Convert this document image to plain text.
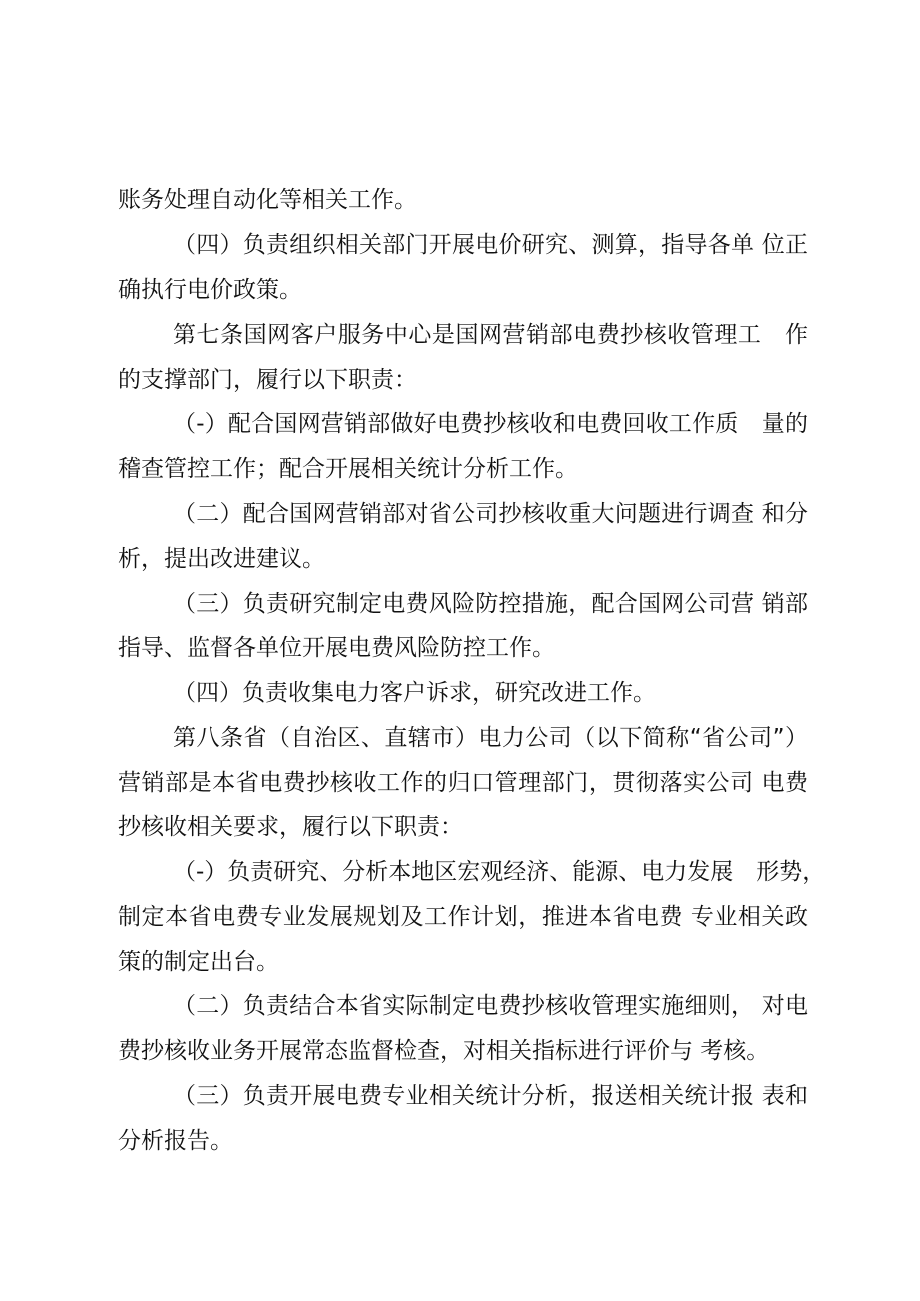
账务处理自动化等相关工作。
（四）负责组织相关部门开展电价研究、测算，指导各单 位正
确执行电价政策。
第七条国网客户服务中心是国网营销部电费抄核收管理工　作
的支撑部门，履行以下职责：
（-）配合国网营销部做好电费抄核收和电费回收工作质　量的
稽查管控工作；配合开展相关统计分析工作。
（二）配合国网营销部对省公司抄核收重大问题进行调查 和分
析，提出改进建议。
（三）负责研究制定电费风险防控措施，配合国网公司营 销部
指导、监督各单位开展电费风险防控工作。
（四）负责收集电力客户诉求，研究改进工作。
第八条省（自治区、直辖市）电力公司（以下简称“省公司”）
营销部是本省电费抄核收工作的归口管理部门，贯彻落实公司 电费
抄核收相关要求，履行以下职责：
（-）负责研究、分析本地区宏观经济、能源、电力发展　形势，
制定本省电费专业发展规划及工作计划，推进本省电费 专业相关政
策的制定出台。
（二）负责结合本省实际制定电费抄核收管理实施细则， 对电
费抄核收业务开展常态监督检查，对相关指标进行评价与 考核。
（三）负责开展电费专业相关统计分析，报送相关统计报 表和
分析报告。
